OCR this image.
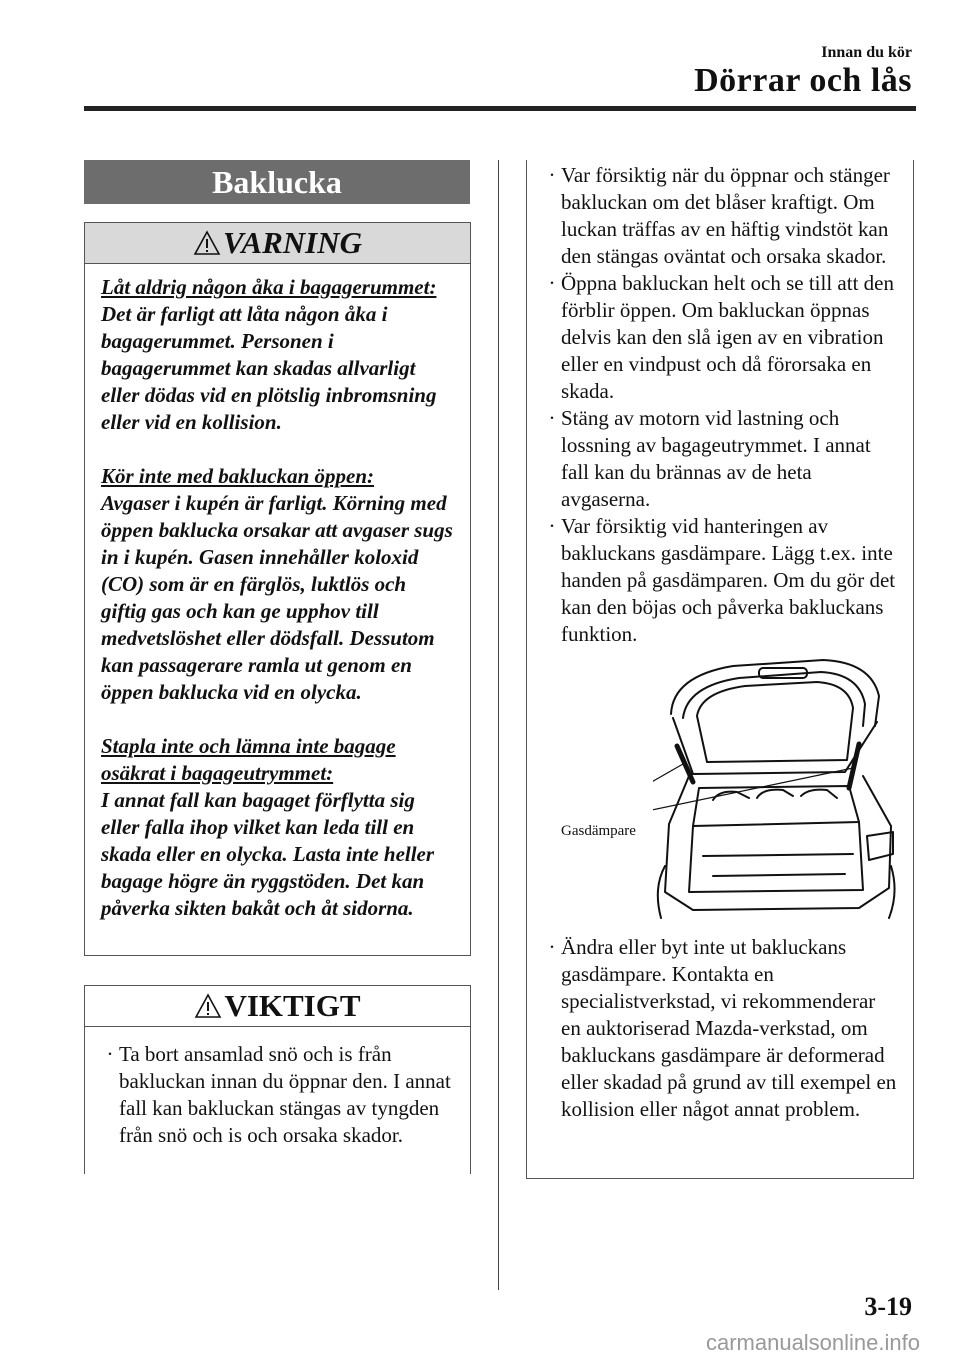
Innan du kör
Dörrar och lås
Baklucka
VARNING

Låt aldrig någon åka i bagagerummet:
Det är farligt att låta någon åka i bagagerummet. Personen i bagagerummet kan skadas allvarligt eller dödas vid en plötslig inbromsning eller vid en kollision.

Kör inte med bakluckan öppen:
Avgaser i kupén är farligt. Körning med öppen baklucka orsakar att avgaser sugs in i kupén. Gasen innehåller koloxid (CO) som är en färglös, luktlös och giftig gas och kan ge upphov till medvetslöshet eller dödsfall. Dessutom kan passagerare ramla ut genom en öppen baklucka vid en olycka.

Stapla inte och lämna inte bagage osäkrat i bagageutrymmet:
I annat fall kan bagaget förflytta sig eller falla ihop vilket kan leda till en skada eller en olycka. Lasta inte heller bagage högre än ryggstöden. Det kan påverka sikten bakåt och åt sidorna.

VIKTIGT
· Ta bort ansamlad snö och is från bakluckan innan du öppnar den. I annat fall kan bakluckan stängas av tyngden från snö och is och orsaka skador.
· Var försiktig när du öppnar och stänger bakluckan om det blåser kraftigt. Om luckan träffas av en häftig vindstöt kan den stängas oväntat och orsaka skador.
· Öppna bakluckan helt och se till att den förblir öppen. Om bakluckan öppnas delvis kan den slå igen av en vibration eller en vindpust och då förorsaka en skada.
· Stäng av motorn vid lastning och lossning av bagageutrymmet. I annat fall kan du brännas av de heta avgaserna.
· Var försiktig vid hanteringen av bakluckans gasdämpare. Lägg t.ex. inte handen på gasdämparen. Om du gör det kan den böjas och påverka bakluckans funktion.
Gasdämpare
· Ändra eller byt inte ut bakluckans gasdämpare. Kontakta en specialistverkstad, vi rekommenderar en auktoriserad Mazda-verkstad, om bakluckans gasdämpare är deformerad eller skadad på grund av till exempel en kollision eller något annat problem.
3-19
carmanualsonline.info
